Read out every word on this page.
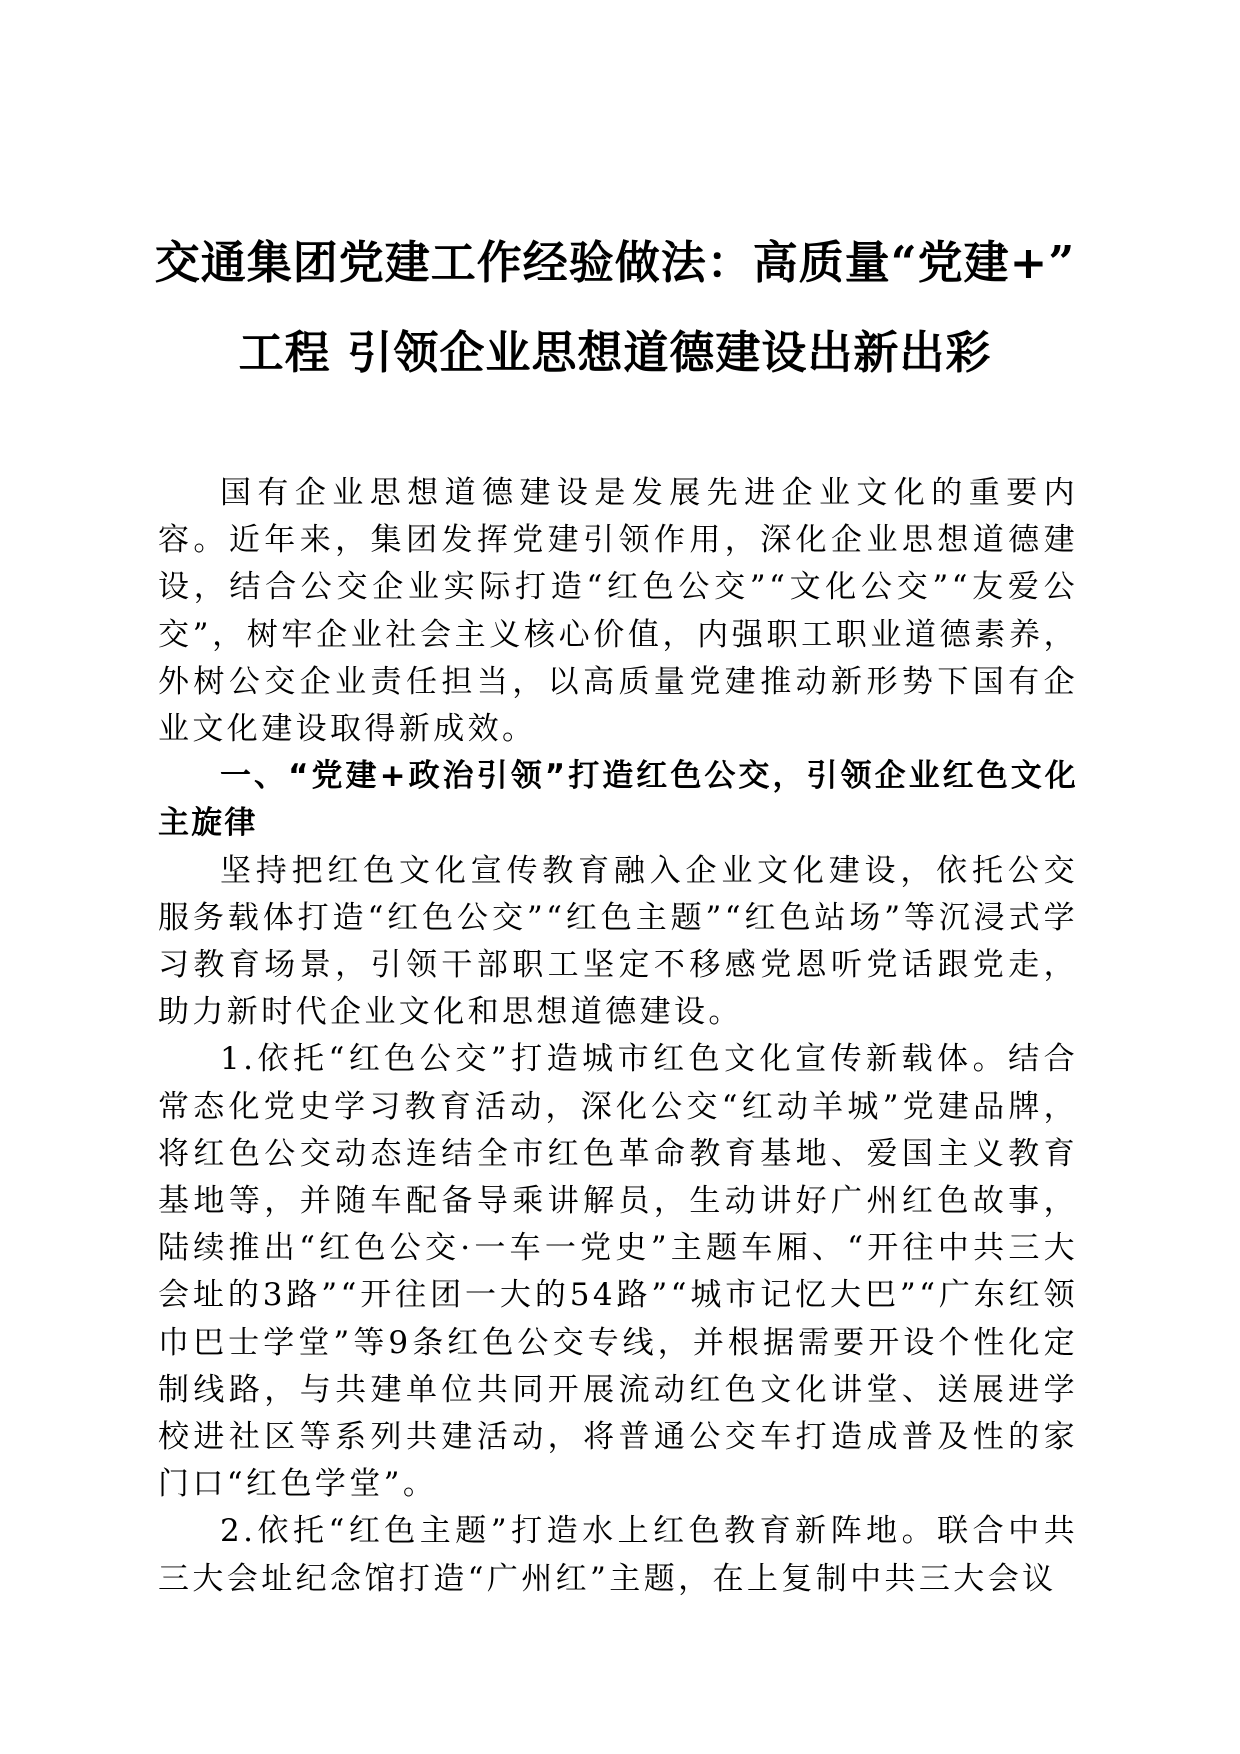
交通集团党建工作经验做法：高质量“党建+”
工程 引领企业思想道德建设出新出彩

国有企业思想道德建设是发展先进企业文化的重要内容。近年来，集团发挥党建引领作用，深化企业思想道德建设，结合公交企业实际打造“红色公交”“文化公交”“友爱公交”，树牢企业社会主义核心价值，内强职工职业道德素养，外树公交企业责任担当，以高质量党建推动新形势下国有企业文化建设取得新成效。

一、“党建+政治引领”打造红色公交，引领企业红色文化主旋律

坚持把红色文化宣传教育融入企业文化建设，依托公交服务载体打造“红色公交”“红色主题”“红色站场”等沉浸式学习教育场景，引领干部职工坚定不移感党恩听党话跟党走，助力新时代企业文化和思想道德建设。

1.依托“红色公交”打造城市红色文化宣传新载体。结合常态化党史学习教育活动，深化公交“红动羊城”党建品牌，将红色公交动态连结全市红色革命教育基地、爱国主义教育基地等，并随车配备导乘讲解员，生动讲好广州红色故事，陆续推出“红色公交·一车一党史”主题车厢、“开往中共三大会址的3路”“开往团一大的54路”“城市记忆大巴”“广东红领巾巴士学堂”等9条红色公交专线，并根据需要开设个性化定制线路，与共建单位共同开展流动红色文化讲堂、送展进学校进社区等系列共建活动，将普通公交车打造成普及性的家门口“红色学堂”。

2.依托“红色主题”打造水上红色教育新阵地。联合中共三大会址纪念馆打造“广州红”主题，在上复制中共三大会议
